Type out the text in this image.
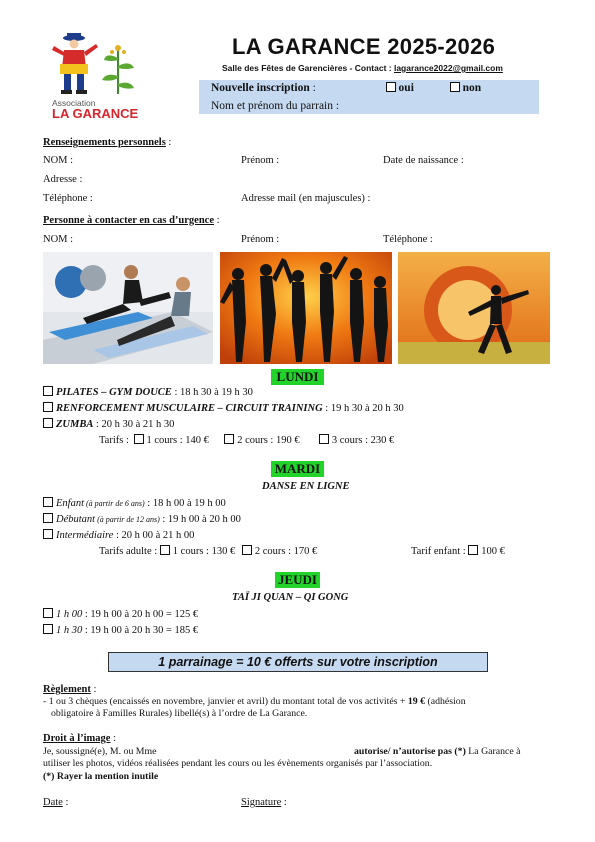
Association
LA GARANCE
LA GARANCE 2025-2026
Salle des Fêtes de Garencières - Contact : lagarance2022@gmail.com
Nouvelle inscription :	oui	non
Nom et prénom du parrain :
Renseignements personnels :
NOM :	Prénom :	Date de naissance :
Adresse :
Téléphone :	Adresse mail (en majuscules) :
Personne à contacter en cas d’urgence :
NOM :	Prénom :	Téléphone :
LUNDI
PILATES – GYM DOUCE : 18 h 30 à 19 h 30
RENFORCEMENT MUSCULAIRE – CIRCUIT TRAINING : 19 h 30 à 20 h 30
ZUMBA : 20 h 30 à 21 h 30
Tarifs : 1 cours : 140 €	2 cours : 190 €	3 cours : 230 €
MARDI
DANSE EN LIGNE
Enfant (à partir de 6 ans) : 18 h 00 à 19 h 00
Débutant (à partir de 12 ans) : 19 h 00 à 20 h 00
Intermédiaire : 20 h 00 à 21 h 00
Tarifs adulte : 1 cours : 130 € 2 cours : 170 €	Tarif enfant : 100 €
JEUDI
TAÏ JI QUAN – QI GONG
1 h 00 : 19 h 00 à 20 h 00 = 125 €
1 h 30 : 19 h 00 à 20 h 30 = 185 €
1 parrainage = 10 € offerts sur votre inscription
Règlement :
- 1 ou 3 chèques (encaissés en novembre, janvier et avril) du montant total de vos activités + 19 € (adhésion
obligatoire à Familles Rurales) libellé(s) à l’ordre de La Garance.
Droit à l’image :
Je, soussigné(e), M. ou Mme	autorise/ n’autorise pas (*) La Garance à
utiliser les photos, vidéos réalisées pendant les cours ou les évènements organisés par l’association.
(*) Rayer la mention inutile
Date :	Signature :
